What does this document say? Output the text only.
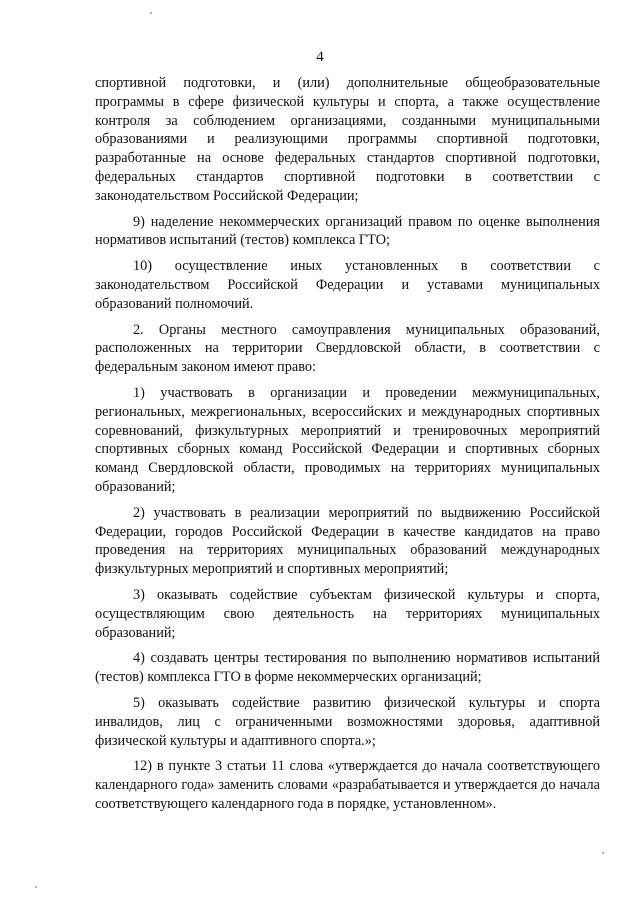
4

спортивной подготовки, и (или) дополнительные общеобразовательные программы в сфере физической культуры и спорта, а также осуществление контроля за соблюдением организациями, созданными муниципальными образованиями и реализующими программы спортивной подготовки, разработанные на основе федеральных стандартов спортивной подготовки, федеральных стандартов спортивной подготовки в соответствии с законодательством Российской Федерации;

9) наделение некоммерческих организаций правом по оценке выполнения нормативов испытаний (тестов) комплекса ГТО;

10) осуществление иных установленных в соответствии с законодательством Российской Федерации и уставами муниципальных образований полномочий.

2. Органы местного самоуправления муниципальных образований, расположенных на территории Свердловской области, в соответствии с федеральным законом имеют право:

1) участвовать в организации и проведении межмуниципальных, региональных, межрегиональных, всероссийских и международных спортивных соревнований, физкультурных мероприятий и тренировочных мероприятий спортивных сборных команд Российской Федерации и спортивных сборных команд Свердловской области, проводимых на территориях муниципальных образований;

2) участвовать в реализации мероприятий по выдвижению Российской Федерации, городов Российской Федерации в качестве кандидатов на право проведения на территориях муниципальных образований международных физкультурных мероприятий и спортивных мероприятий;

3) оказывать содействие субъектам физической культуры и спорта, осуществляющим свою деятельность на территориях муниципальных образований;

4) создавать центры тестирования по выполнению нормативов испытаний (тестов) комплекса ГТО в форме некоммерческих организаций;

5) оказывать содействие развитию физической культуры и спорта инвалидов, лиц с ограниченными возможностями здоровья, адаптивной физической культуры и адаптивного спорта.»;

12) в пункте 3 статьи 11 слова «утверждается до начала соответствующего календарного года» заменить словами «разрабатывается и утверждается до начала соответствующего календарного года в порядке, установленном».
